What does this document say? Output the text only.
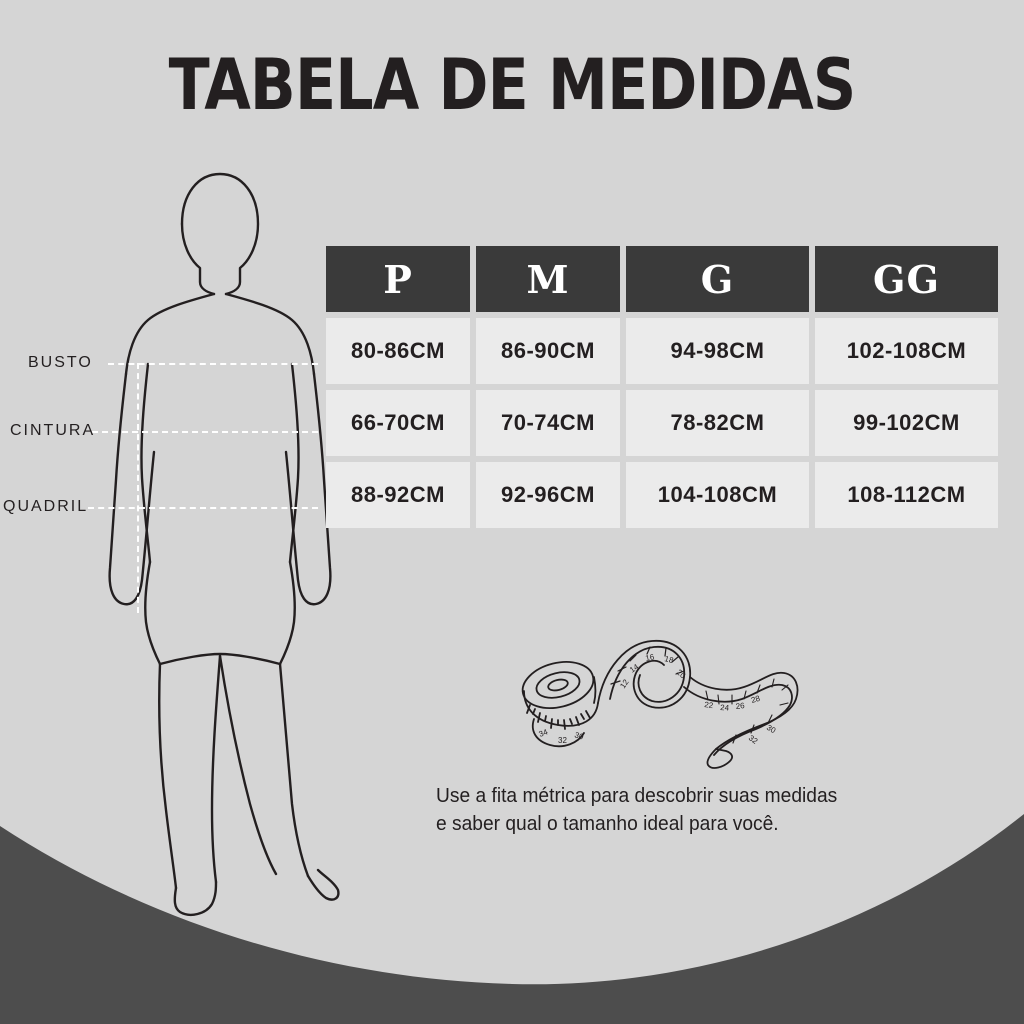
TABELA DE MEDIDAS
BUSTO
CINTURA
QUADRIL
P	M	G	GG
80-86CM	86-90CM	94-98CM	102-108CM
66-70CM	70-74CM	78-82CM	99-102CM
88-92CM	92-96CM	104-108CM	108-112CM
12
14
16 18
20
22 24 26
28
30
32
34
32 30
Use a fita métrica para descobrir suas medidas
e saber qual o tamanho ideal para você.
